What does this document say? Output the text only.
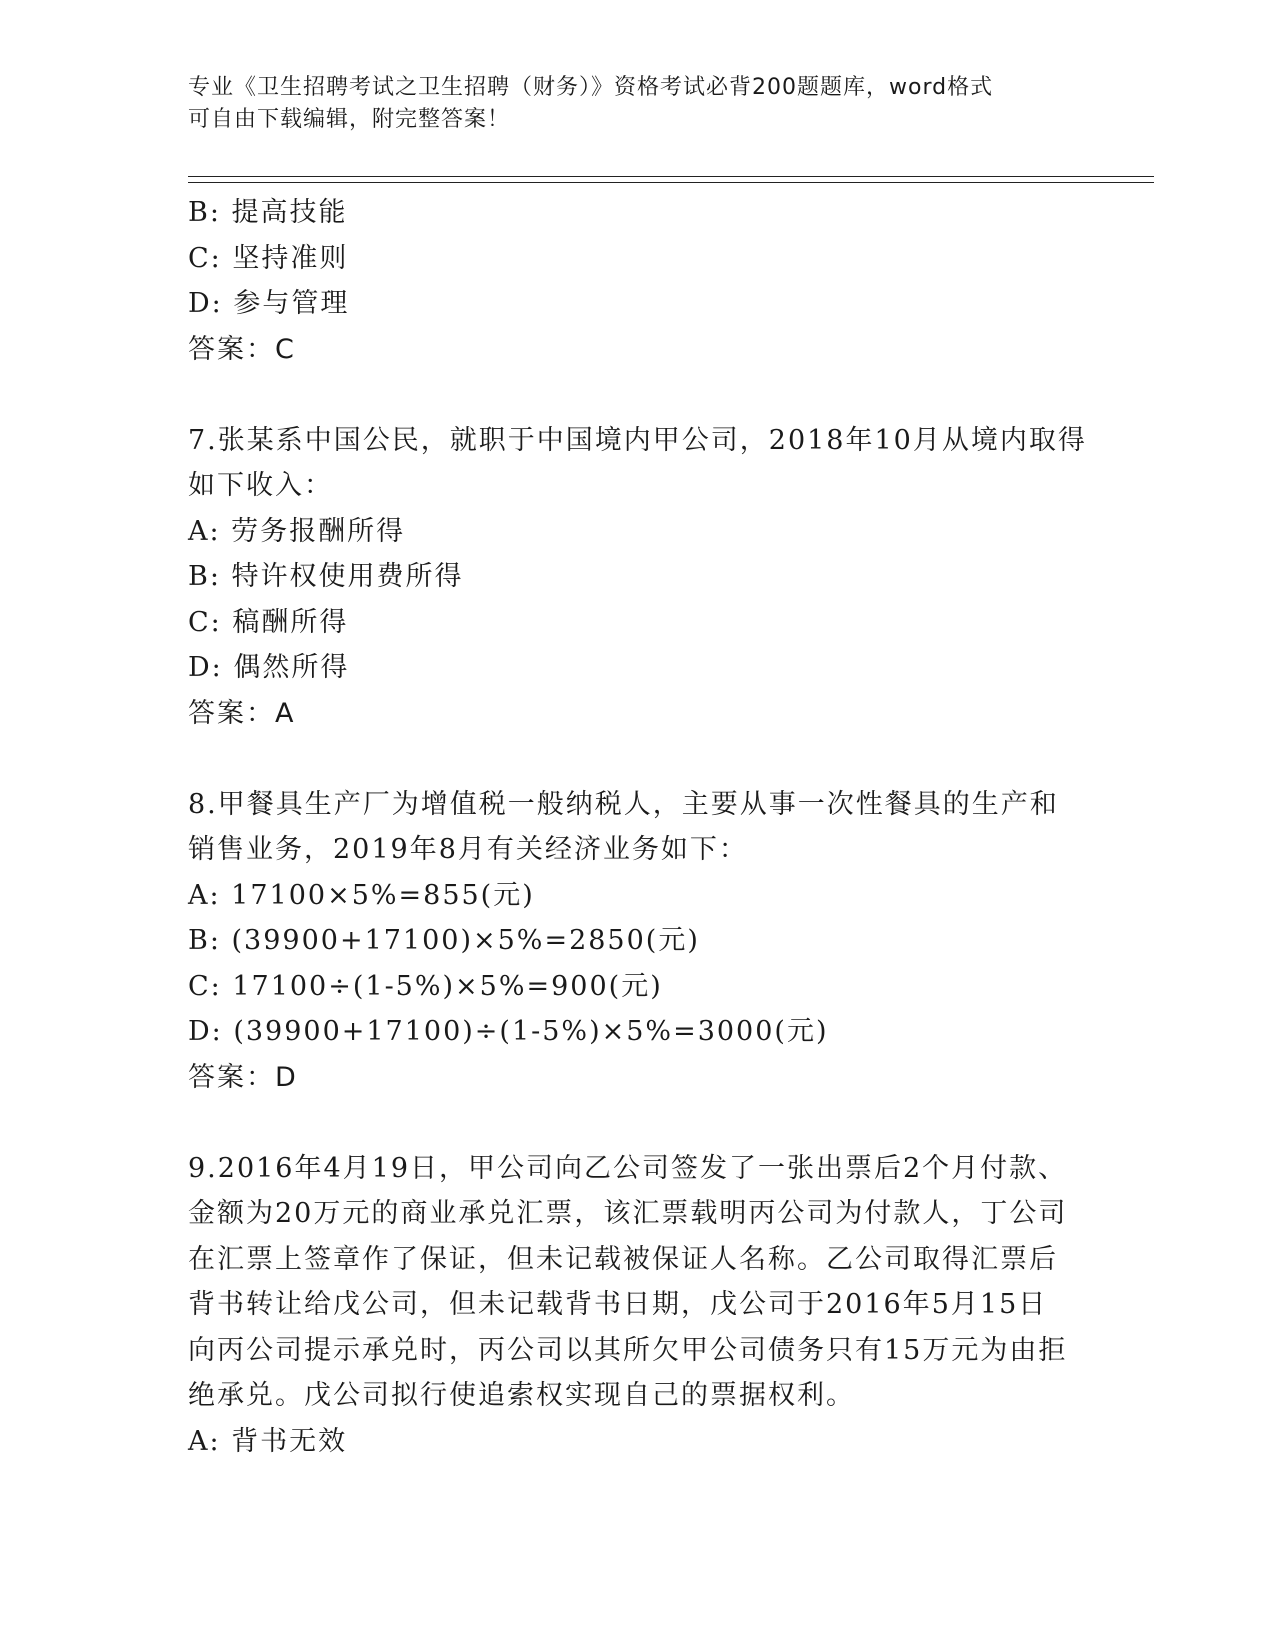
专业《卫生招聘考试之卫生招聘（财务）》资格考试必背200题题库，word格式

可自由下载编辑，附完整答案！

B: 提高技能
C: 坚持准则
D: 参与管理
答案：C
7.张某系中国公民，就职于中国境内甲公司，2018年10月从境内取得
如下收入：
A: 劳务报酬所得
B: 特许权使用费所得
C: 稿酬所得
D: 偶然所得
答案：A
8.甲餐具生产厂为增值税一般纳税人，主要从事一次性餐具的生产和
销售业务，2019年8月有关经济业务如下：
A: 17100×5%=855(元)
B: (39900+17100)×5%=2850(元)
C: 17100÷(1-5%)×5%=900(元)
D: (39900+17100)÷(1-5%)×5%=3000(元)
答案：D
9.2016年4月19日，甲公司向乙公司签发了一张出票后2个月付款、
金额为20万元的商业承兑汇票，该汇票载明丙公司为付款人，丁公司
在汇票上签章作了保证，但未记载被保证人名称。乙公司取得汇票后
背书转让给戊公司，但未记载背书日期，戊公司于2016年5月15日
向丙公司提示承兑时，丙公司以其所欠甲公司债务只有15万元为由拒
绝承兑。戊公司拟行使追索权实现自己的票据权利。
A: 背书无效
